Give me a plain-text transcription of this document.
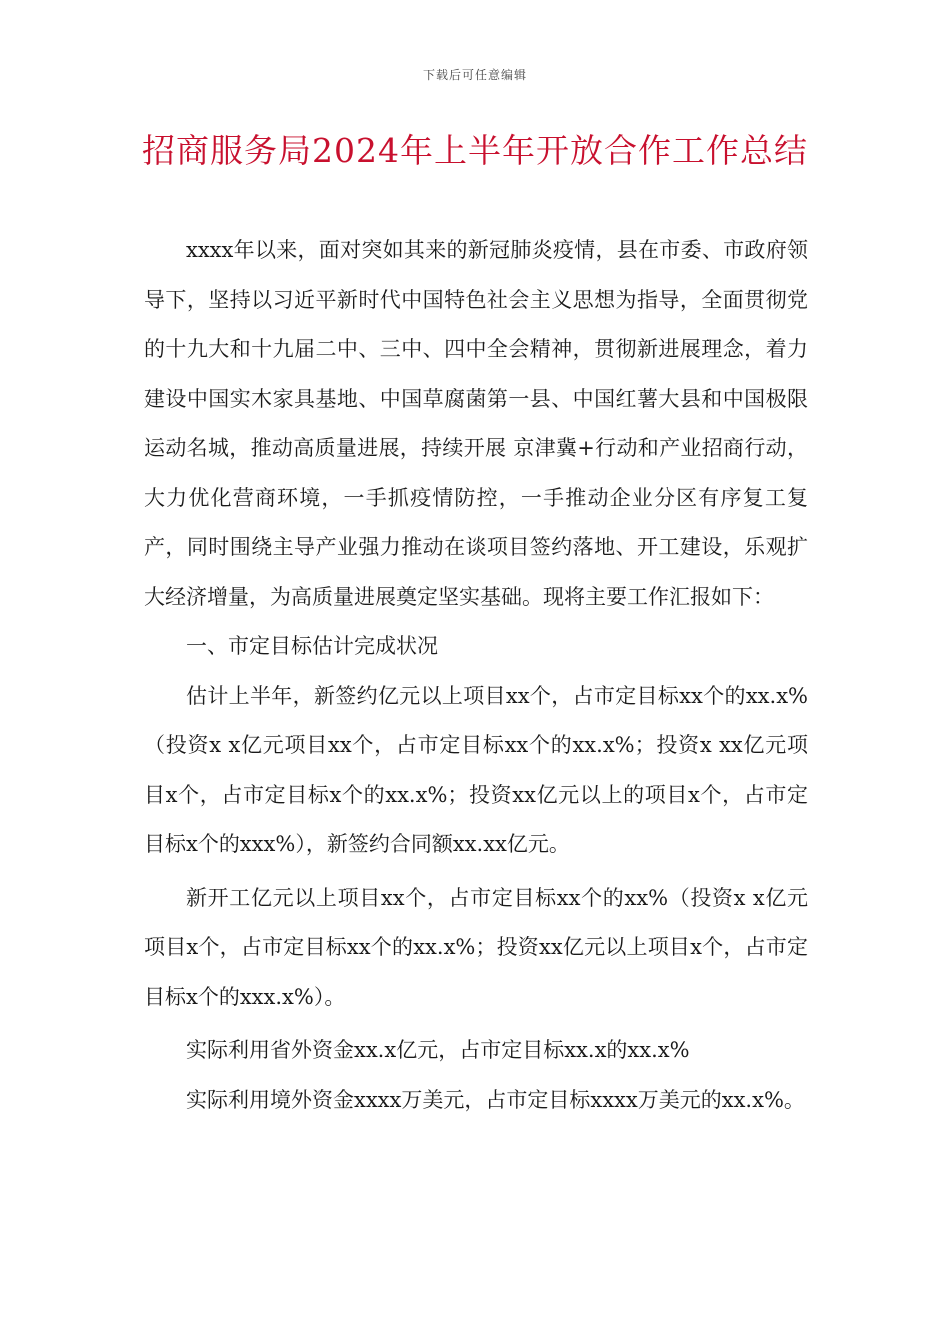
下载后可任意编辑
招商服务局2024年上半年开放合作工作总结

xxxx年以来，面对突如其来的新冠肺炎疫情，县在市委、市政府领导下，坚持以习近平新时代中国特色社会主义思想为指导，全面贯彻党的十九大和十九届二中、三中、四中全会精神，贯彻新进展理念，着力建设中国实木家具基地、中国草腐菌第一县、中国红薯大县和中国极限运动名城，推动高质量进展，持续开展 京津冀+行动和产业招商行动，大力优化营商环境，一手抓疫情防控，一手推动企业分区有序复工复产，同时围绕主导产业强力推动在谈项目签约落地、开工建设，乐观扩大经济增量，为高质量进展奠定坚实基础。现将主要工作汇报如下：

一、市定目标估计完成状况

估计上半年，新签约亿元以上项目xx个，占市定目标xx个的xx.x%（投资x x亿元项目xx个，占市定目标xx个的xx.x%；投资x xx亿元项目x个，占市定目标x个的xx.x%；投资xx亿元以上的项目x个，占市定目标x个的xxx%），新签约合同额xx.xx亿元。

新开工亿元以上项目xx个，占市定目标xx个的xx%（投资x x亿元项目x个，占市定目标xx个的xx.x%；投资xx亿元以上项目x个，占市定目标x个的xxx.x%）。

实际利用省外资金xx.x亿元，占市定目标xx.x的xx.x%

实际利用境外资金xxxx万美元，占市定目标xxxx万美元的xx.x%。
